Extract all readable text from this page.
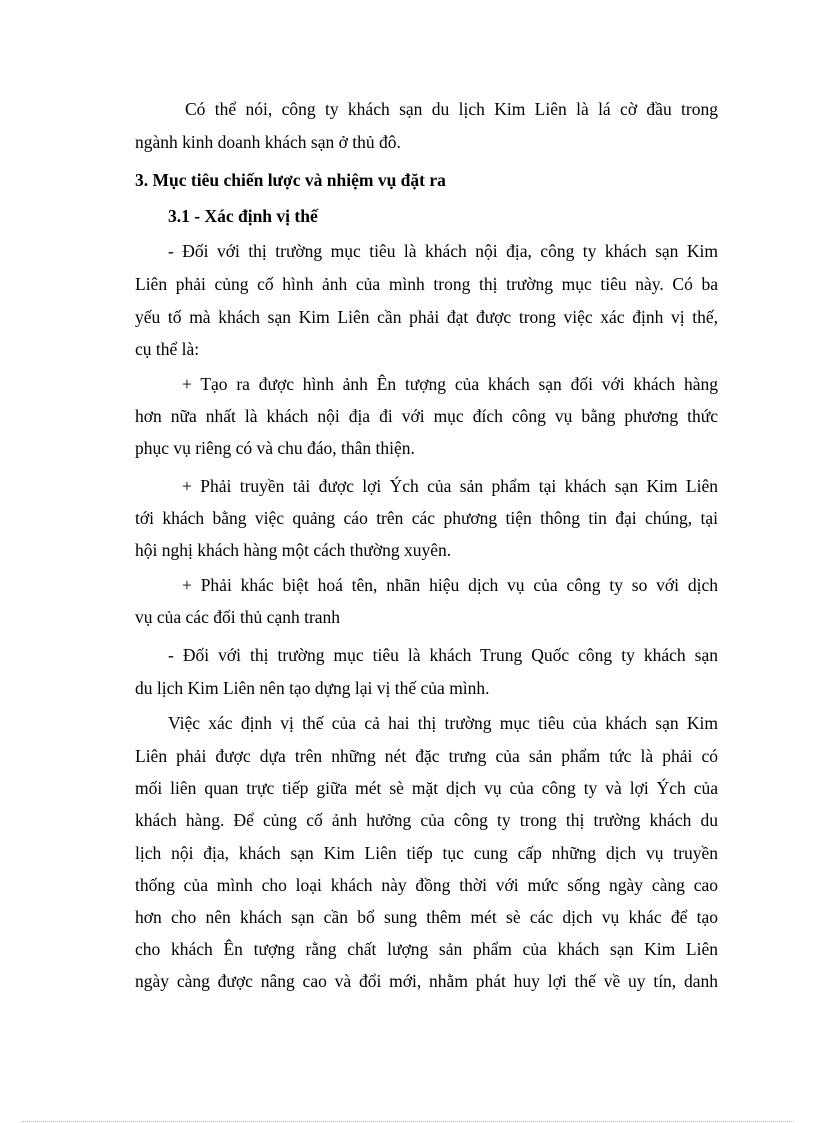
Có thể nói, công ty khách sạn du lịch Kim Liên là lá cờ đầu trong
ngành kinh doanh khách sạn ở thủ đô.
3. Mục tiêu chiến lược và nhiệm vụ đặt ra
3.1 - Xác định vị thế
- Đối với thị trường mục tiêu là khách nội địa, công ty khách sạn Kim
Liên phải củng cố hình ảnh của mình trong thị trường mục tiêu này. Có ba
yếu tố mà khách sạn Kim Liên cần phải đạt được trong việc xác định vị thế,
cụ thể là:
+ Tạo ra được hình ảnh Ên tượng của khách sạn đối với khách hàng
hơn nữa nhất là khách nội địa đi với mục đích công vụ bằng phương thức
phục vụ riêng có và chu đáo, thân thiện.
+ Phải truyền tải được lợi Ých của sản phẩm tại khách sạn Kim Liên
tới khách bằng việc quảng cáo trên các phương tiện thông tin đại chúng, tại
hội nghị khách hàng một cách thường xuyên.
+ Phải khác biệt hoá tên, nhãn hiệu dịch vụ của công ty so với dịch
vụ của các đối thủ cạnh tranh
- Đối với thị trường mục tiêu là khách Trung Quốc công ty khách sạn
du lịch Kim Liên nên tạo dựng lại vị thế của mình.
Việc xác định vị thế của cả hai thị trường mục tiêu của khách sạn Kim
Liên phải được dựa trên những nét đặc trưng của sản phẩm tức là phải có
mối liên quan trực tiếp giữa mét sè mặt dịch vụ của công ty và lợi Ých của
khách hàng. Để củng cố ảnh hưởng của công ty trong thị trường khách du
lịch nội địa, khách sạn Kim Liên tiếp tục cung cấp những dịch vụ truyền
thống của mình cho loại khách này đồng thời với mức sống ngày càng cao
hơn cho nên khách sạn cần bổ sung thêm mét sè các dịch vụ khác để tạo
cho khách Ên tượng rằng chất lượng sản phẩm của khách sạn Kim Liên
ngày càng được nâng cao và đổi mới, nhằm phát huy lợi thế về uy tín, danh
